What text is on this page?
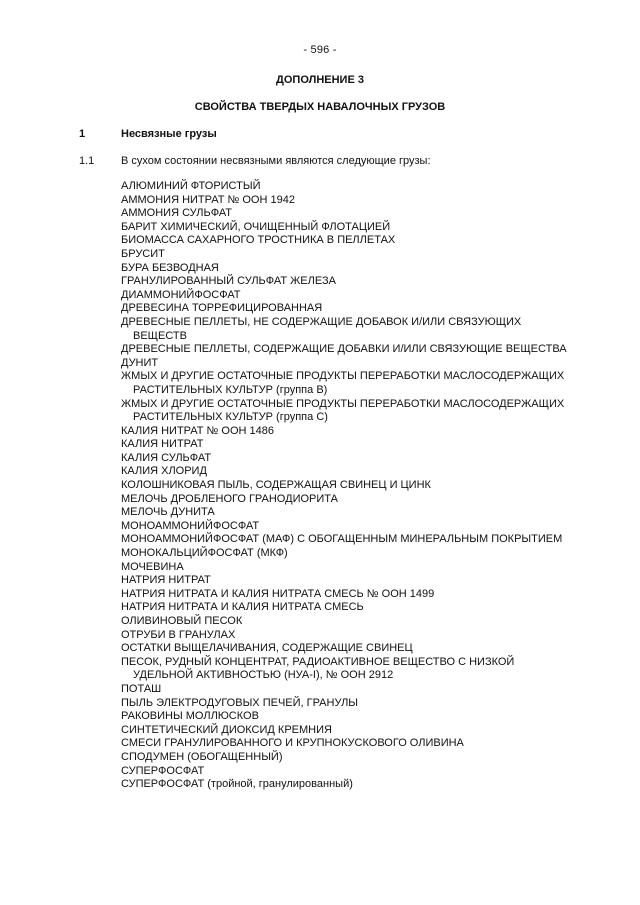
- 596 -
ДОПОЛНЕНИЕ 3
СВОЙСТВА ТВЕРДЫХ НАВАЛОЧНЫХ ГРУЗОВ
1	Несвязные грузы
1.1 В сухом состоянии несвязными являются следующие грузы:
АЛЮМИНИЙ ФТОРИСТЫЙ
АММОНИЯ НИТРАТ № ООН 1942
АММОНИЯ СУЛЬФАТ
БАРИТ ХИМИЧЕСКИЙ, ОЧИЩЕННЫЙ ФЛОТАЦИЕЙ
БИОМАССА САХАРНОГО ТРОСТНИКА В ПЕЛЛЕТАХ
БРУСИТ
БУРА БЕЗВОДНАЯ
ГРАНУЛИРОВАННЫЙ СУЛЬФАТ ЖЕЛЕЗА
ДИАММОНИЙФОСФАТ
ДРЕВЕСИНА ТОРРЕФИЦИРОВАННАЯ
ДРЕВЕСНЫЕ ПЕЛЛЕТЫ, НЕ СОДЕРЖАЩИЕ ДОБАВОК И/ИЛИ СВЯЗУЮЩИХ ВЕЩЕСТВ
ДРЕВЕСНЫЕ ПЕЛЛЕТЫ, СОДЕРЖАЩИЕ ДОБАВКИ И/ИЛИ СВЯЗУЮЩИЕ ВЕЩЕСТВА
ДУНИТ
ЖМЫХ И ДРУГИЕ ОСТАТОЧНЫЕ ПРОДУКТЫ ПЕРЕРАБОТКИ МАСЛОСОДЕРЖАЩИХ РАСТИТЕЛЬНЫХ КУЛЬТУР (группа B)
ЖМЫХ И ДРУГИЕ ОСТАТОЧНЫЕ ПРОДУКТЫ ПЕРЕРАБОТКИ МАСЛОСОДЕРЖАЩИХ РАСТИТЕЛЬНЫХ КУЛЬТУР (группа C)
КАЛИЯ НИТРАТ № ООН 1486
КАЛИЯ НИТРАТ
КАЛИЯ СУЛЬФАТ
КАЛИЯ ХЛОРИД
КОЛОШНИКОВАЯ ПЫЛЬ, СОДЕРЖАЩАЯ СВИНЕЦ И ЦИНК
МЕЛОЧЬ ДРОБЛЕНОГО ГРАНОДИОРИТА
МЕЛОЧЬ ДУНИТА
МОНОАММОНИЙФОСФАТ
МОНОАММОНИЙФОСФАТ (МАФ) С ОБОГАЩЕННЫМ МИНЕРАЛЬНЫМ ПОКРЫТИЕМ
МОНОКАЛЬЦИЙФОСФАТ (МКФ)
МОЧЕВИНА
НАТРИЯ НИТРАТ
НАТРИЯ НИТРАТА И КАЛИЯ НИТРАТА СМЕСЬ № ООН 1499
НАТРИЯ НИТРАТА И КАЛИЯ НИТРАТА СМЕСЬ
ОЛИВИНОВЫЙ ПЕСОК
ОТРУБИ В ГРАНУЛАХ
ОСТАТКИ ВЫЩЕЛАЧИВАНИЯ, СОДЕРЖАЩИЕ СВИНЕЦ
ПЕСОК, РУДНЫЙ КОНЦЕНТРАТ, РАДИОАКТИВНОЕ ВЕЩЕСТВО С НИЗКОЙ УДЕЛЬНОЙ АКТИВНОСТЬЮ (НУА-I), № ООН 2912
ПОТАШ
ПЫЛЬ ЭЛЕКТРОДУГОВЫХ ПЕЧЕЙ, ГРАНУЛЫ
РАКОВИНЫ МОЛЛЮСКОВ
СИНТЕТИЧЕСКИЙ ДИОКСИД КРЕМНИЯ
СМЕСИ ГРАНУЛИРОВАННОГО И КРУПНОКУСКОВОГО ОЛИВИНА
СПОДУМЕН (ОБОГАЩЕННЫЙ)
СУПЕРФОСФАТ
СУПЕРФОСФАТ (тройной, гранулированный)
